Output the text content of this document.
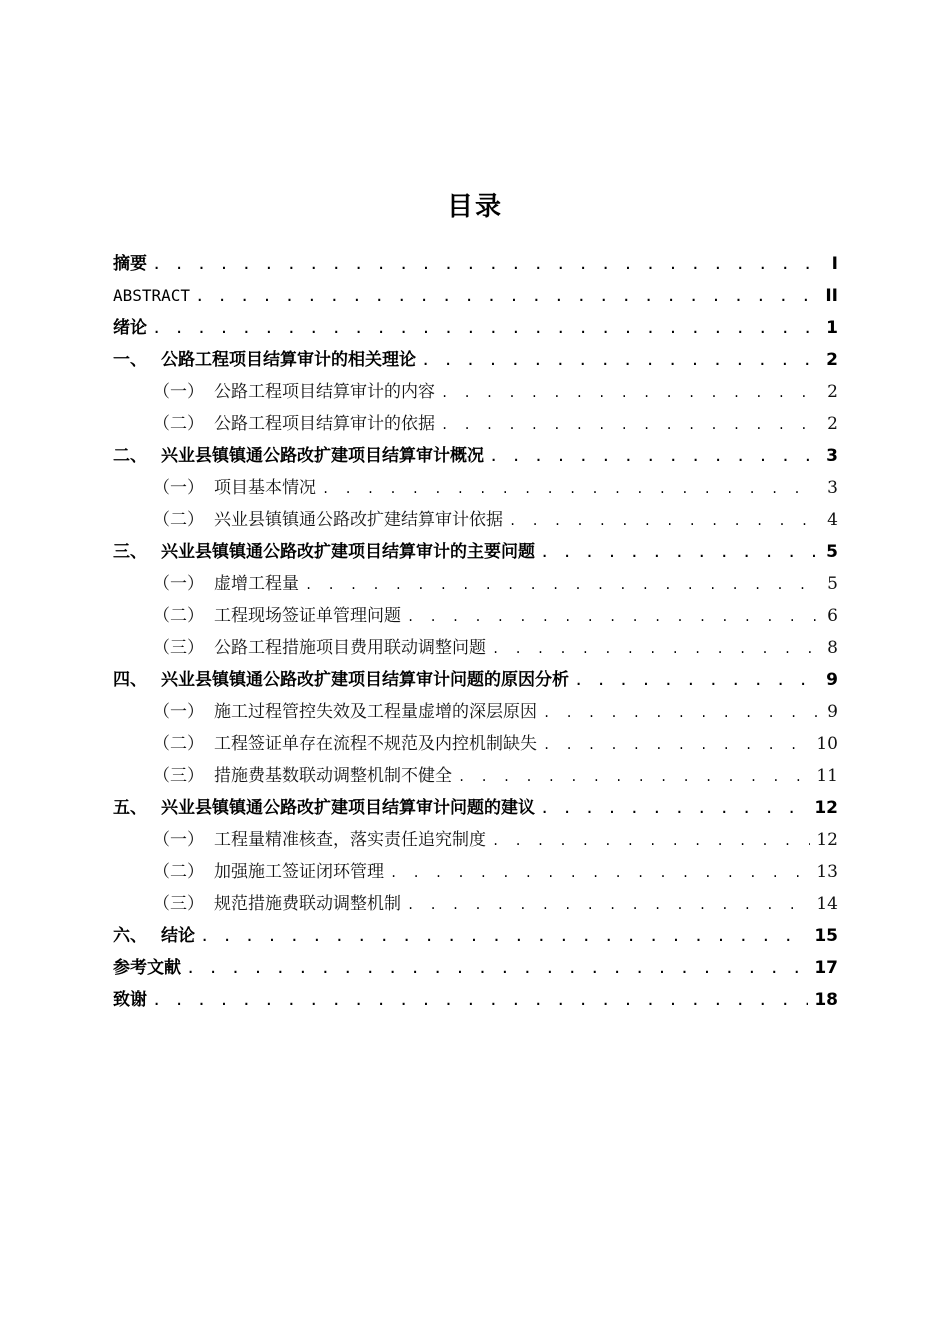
目录
摘要 . . .	I
ABSTRACT . . .	II
绪论 . . .	1
一、 公路工程项目结算审计的相关理论 . . .	2
（一） 公路工程项目结算审计的内容 . . .	2
（二） 公路工程项目结算审计的依据 . . .	2
二、 兴业县镇镇通公路改扩建项目结算审计概况 . . .	3
（一） 项目基本情况 . . .	3
（二） 兴业县镇镇通公路改扩建结算审计依据 . . .	4
三、 兴业县镇镇通公路改扩建项目结算审计的主要问题 . . .	5
（一） 虚增工程量 . . .	5
（二） 工程现场签证单管理问题 . . .	6
（三） 公路工程措施项目费用联动调整问题 . . .	8
四、 兴业县镇镇通公路改扩建项目结算审计问题的原因分析 . . .	9
（一） 施工过程管控失效及工程量虚增的深层原因 . . .	9
（二） 工程签证单存在流程不规范及内控机制缺失 . . .	10
（三） 措施费基数联动调整机制不健全 . . .	11
五、 兴业县镇镇通公路改扩建项目结算审计问题的建议 . . .	12
（一） 工程量精准核查，落实责任追究制度 . . .	12
（二） 加强施工签证闭环管理 . . .	13
（三） 规范措施费联动调整机制 . . .	14
六、 结论 . . .	15
参考文献 . . .	17
致谢 . . .	18
